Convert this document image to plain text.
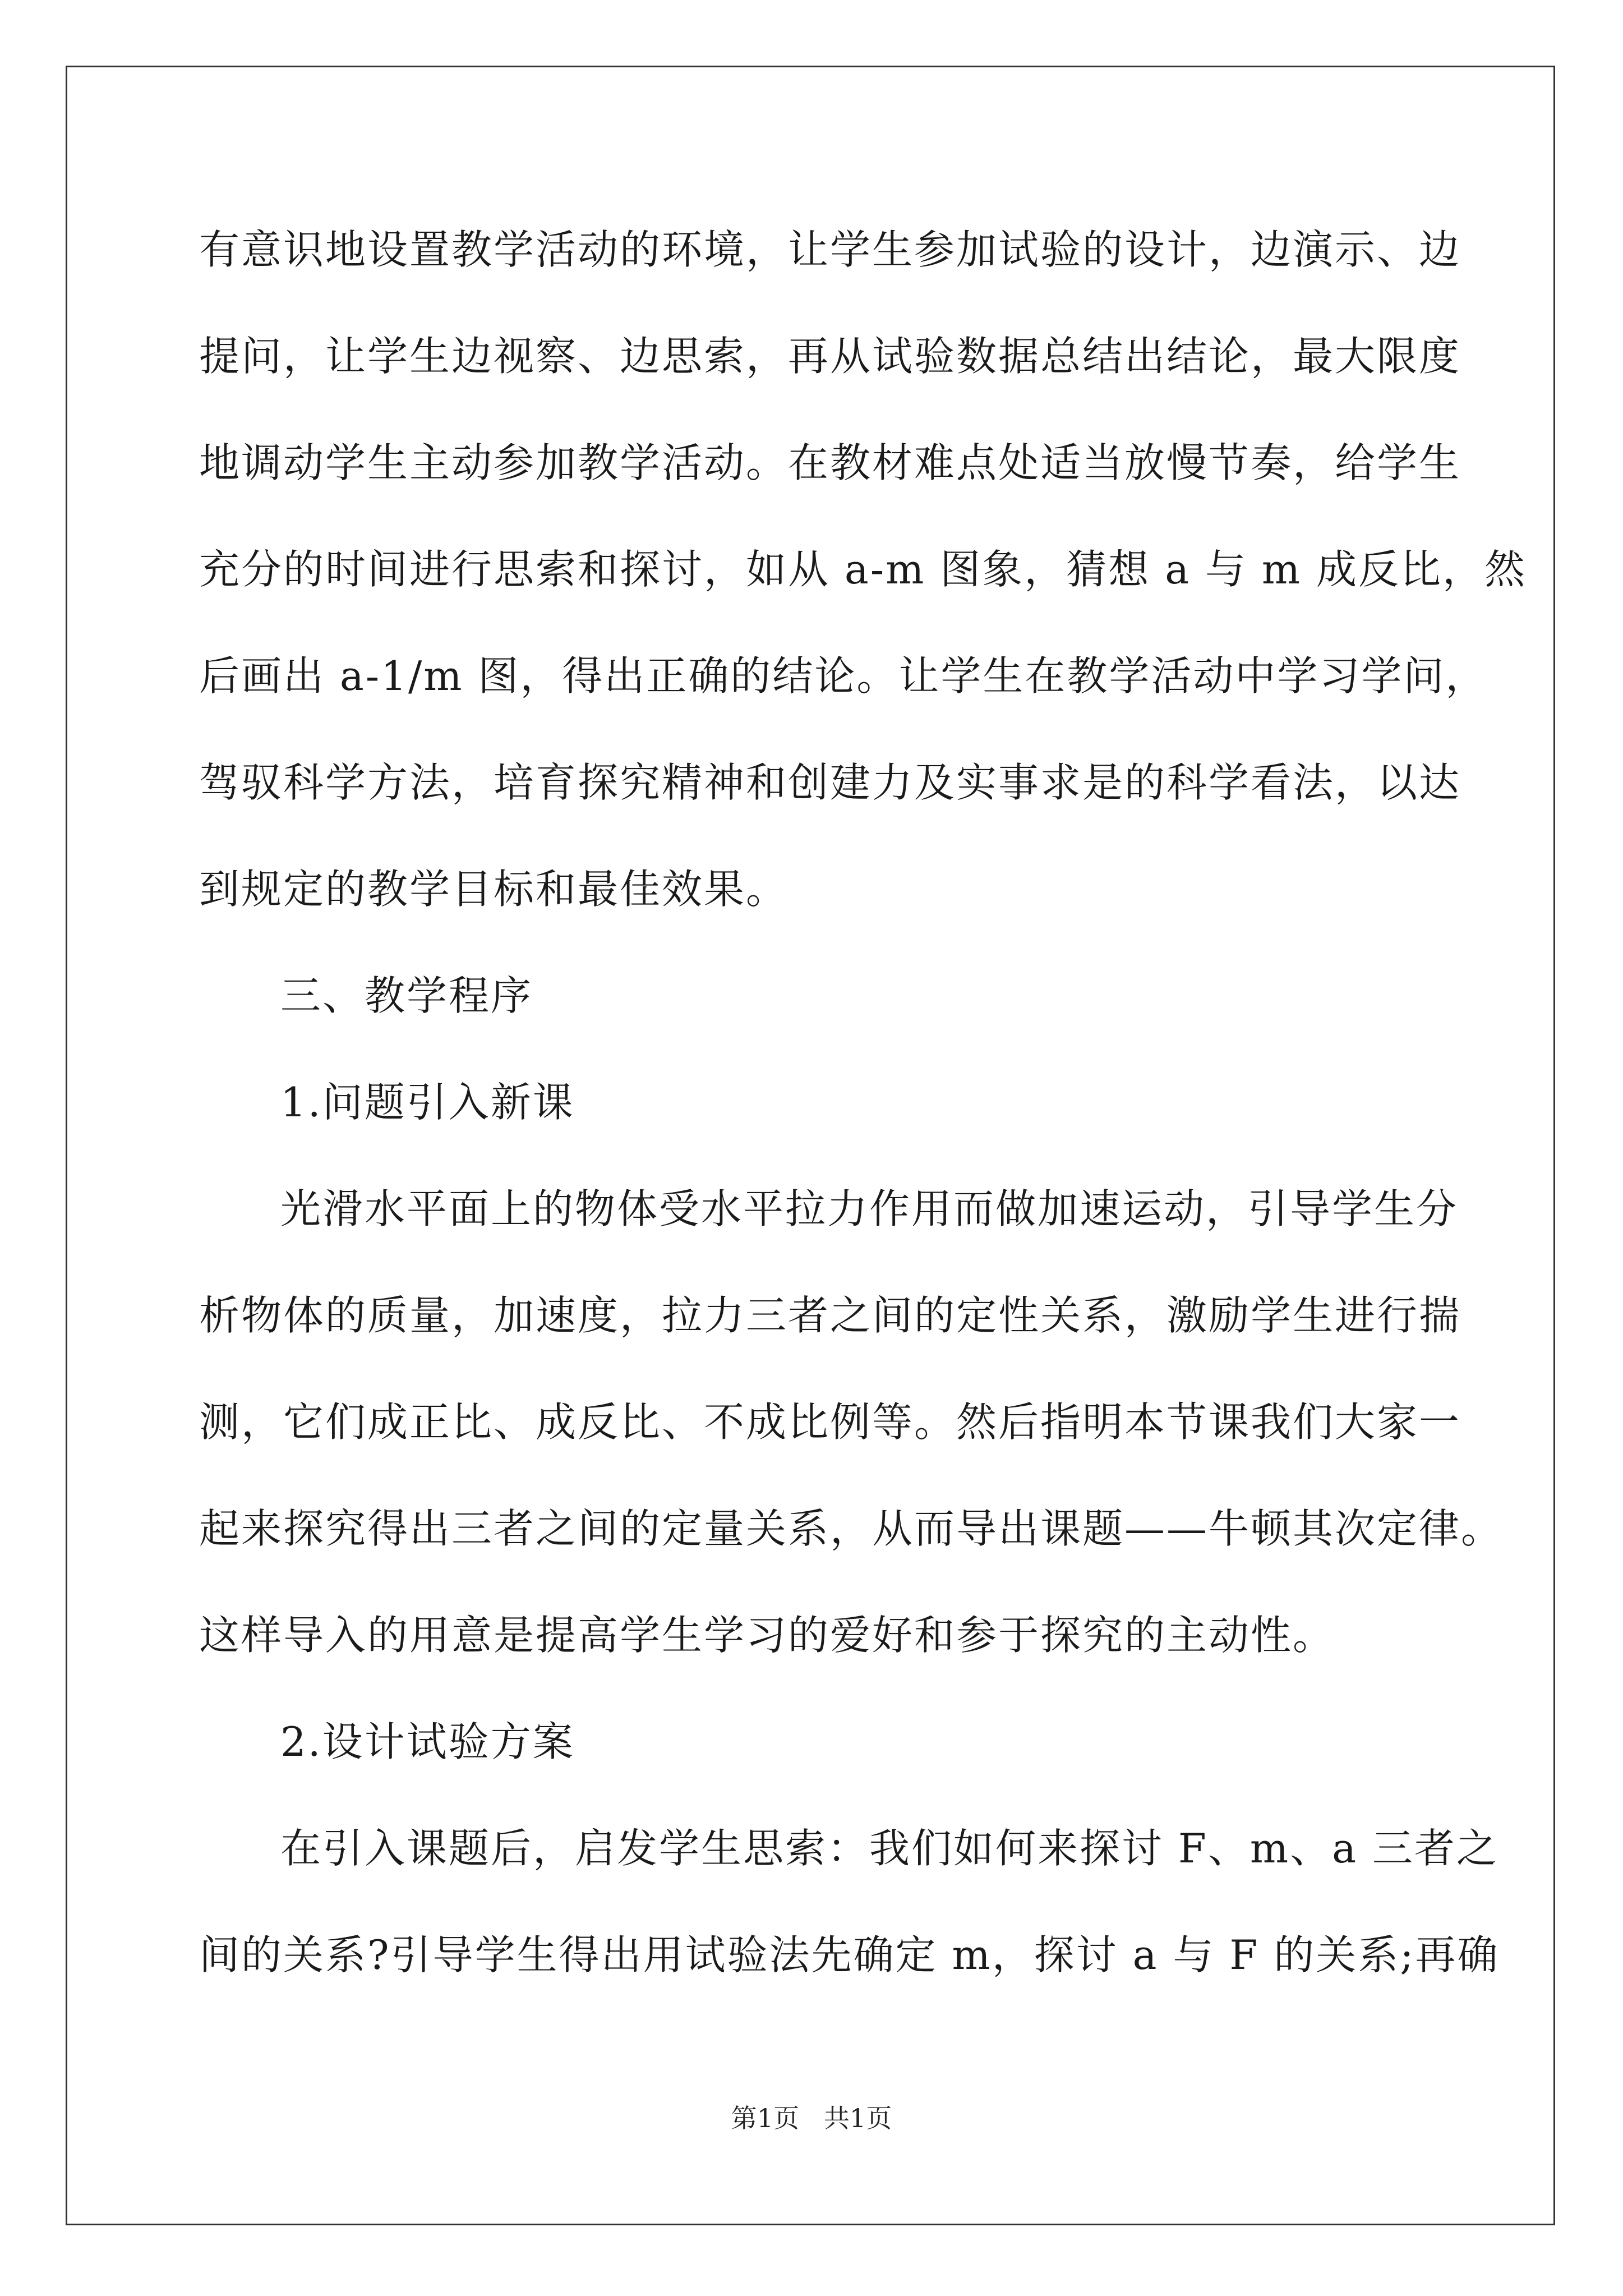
有意识地设置教学活动的环境，让学生参加试验的设计，边演示、边
提问，让学生边视察、边思索，再从试验数据总结出结论，最大限度
地调动学生主动参加教学活动。在教材难点处适当放慢节奏，给学生
充分的时间进行思索和探讨，如从 a-m 图象，猜想 a 与 m 成反比，然
后画出 a-1/m 图，得出正确的结论。让学生在教学活动中学习学问，
驾驭科学方法，培育探究精神和创建力及实事求是的科学看法，以达
到规定的教学目标和最佳效果。
三、教学程序
1.问题引入新课
光滑水平面上的物体受水平拉力作用而做加速运动，引导学生分
析物体的质量，加速度，拉力三者之间的定性关系，激励学生进行揣
测，它们成正比、成反比、不成比例等。然后指明本节课我们大家一
起来探究得出三者之间的定量关系，从而导出课题——牛顿其次定律。
这样导入的用意是提高学生学习的爱好和参于探究的主动性。
2.设计试验方案
在引入课题后，启发学生思索：我们如何来探讨 F、m、a 三者之
间的关系?引导学生得出用试验法先确定 m，探讨 a 与 F 的关系;再确
第1页   共1页
